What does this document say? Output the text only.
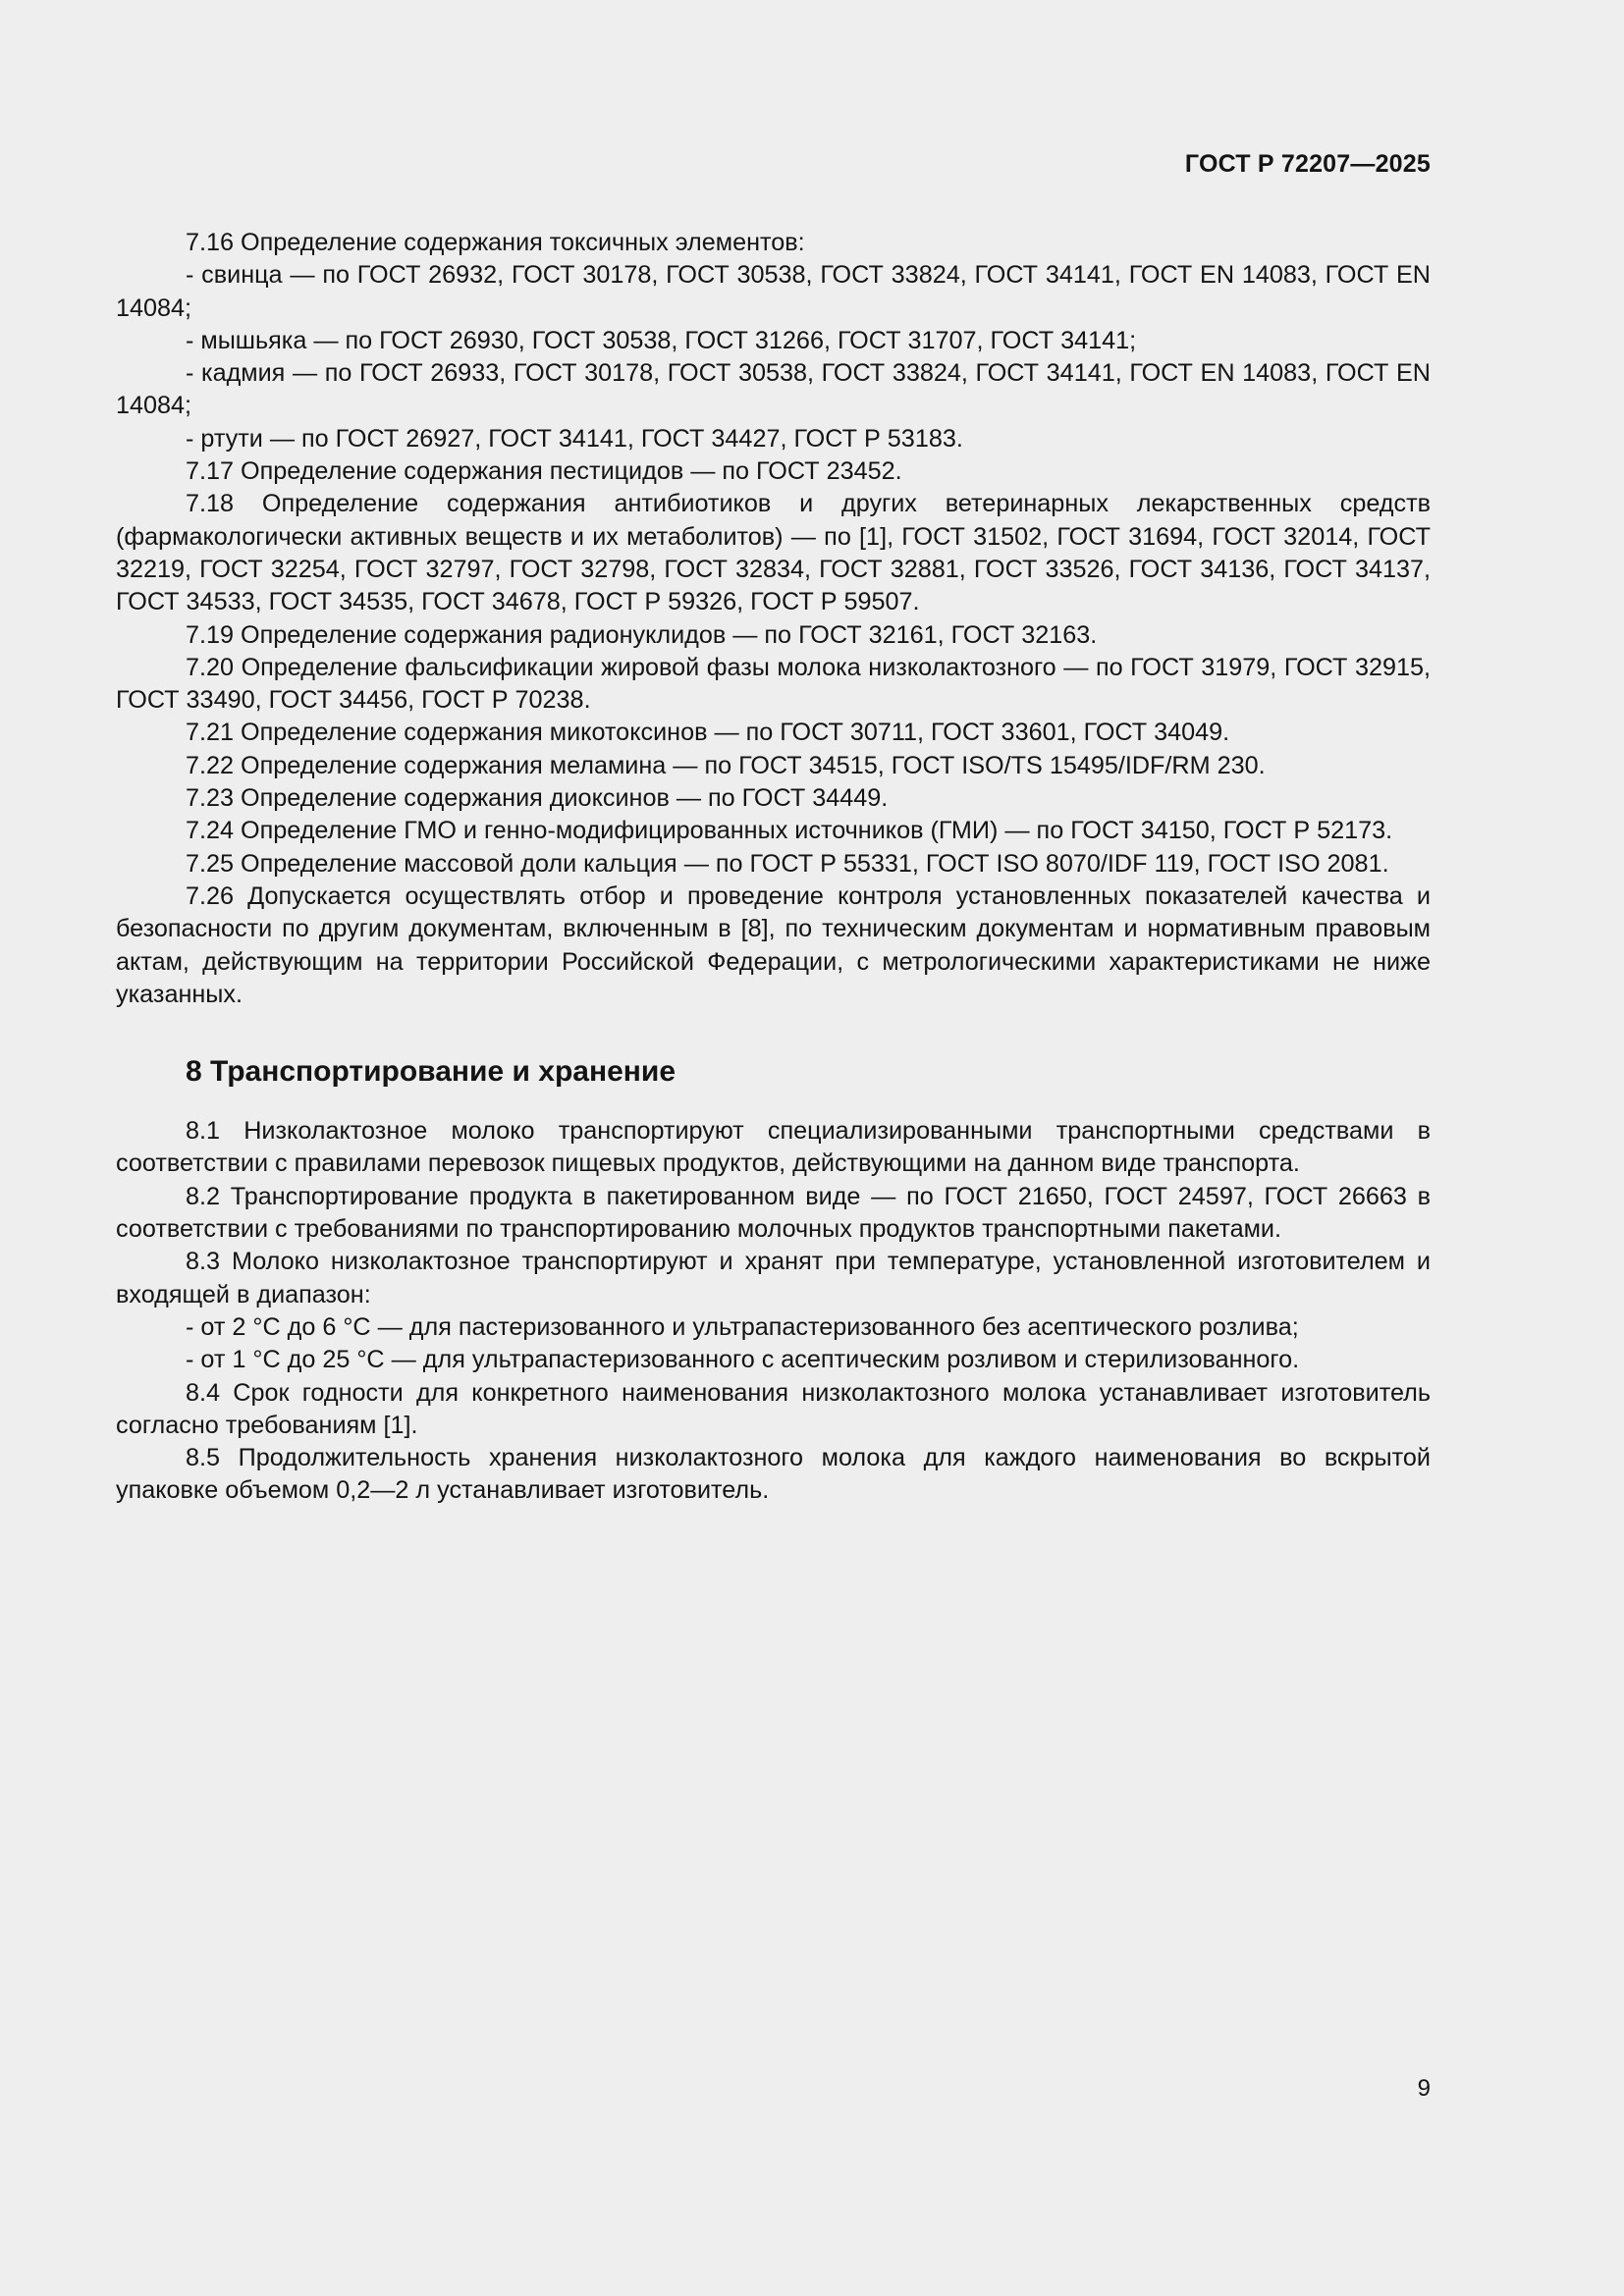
ГОСТ Р 72207—2025

7.16 Определение содержания токсичных элементов:

- свинца — по ГОСТ 26932, ГОСТ 30178, ГОСТ 30538, ГОСТ 33824, ГОСТ 34141, ГОСТ EN 14083, ГОСТ EN 14084;

- мышьяка — по ГОСТ 26930, ГОСТ 30538, ГОСТ 31266, ГОСТ 31707, ГОСТ 34141;

- кадмия — по ГОСТ 26933, ГОСТ 30178, ГОСТ 30538, ГОСТ 33824, ГОСТ 34141, ГОСТ EN 14083, ГОСТ EN 14084;

- ртути — по ГОСТ 26927, ГОСТ 34141, ГОСТ 34427, ГОСТ Р 53183.

7.17 Определение содержания пестицидов — по ГОСТ 23452.

7.18 Определение содержания антибиотиков и других ветеринарных лекарственных средств (фармакологически активных веществ и их метаболитов) — по [1], ГОСТ 31502, ГОСТ 31694, ГОСТ 32014, ГОСТ 32219, ГОСТ 32254, ГОСТ 32797, ГОСТ 32798, ГОСТ 32834, ГОСТ 32881, ГОСТ 33526, ГОСТ 34136, ГОСТ 34137, ГОСТ 34533, ГОСТ 34535, ГОСТ 34678, ГОСТ Р 59326, ГОСТ Р 59507.

7.19 Определение содержания радионуклидов — по ГОСТ 32161, ГОСТ 32163.

7.20 Определение фальсификации жировой фазы молока низколактозного — по ГОСТ 31979, ГОСТ 32915, ГОСТ 33490, ГОСТ 34456, ГОСТ Р 70238.

7.21 Определение содержания микотоксинов — по ГОСТ 30711, ГОСТ 33601, ГОСТ 34049.

7.22 Определение содержания меламина — по ГОСТ 34515, ГОСТ ISO/TS 15495/IDF/RM 230.

7.23 Определение содержания диоксинов — по ГОСТ 34449.

7.24 Определение ГМО и генно-модифицированных источников (ГМИ) — по ГОСТ 34150, ГОСТ Р 52173.

7.25 Определение массовой доли кальция — по ГОСТ Р 55331, ГОСТ ISO 8070/IDF 119, ГОСТ ISO 2081.

7.26 Допускается осуществлять отбор и проведение контроля установленных показателей качества и безопасности по другим документам, включенным в [8], по техническим документам и нормативным правовым актам, действующим на территории Российской Федерации, с метрологическими характеристиками не ниже указанных.

8 Транспортирование и хранение

8.1 Низколактозное молоко транспортируют специализированными транспортными средствами в соответствии с правилами перевозок пищевых продуктов, действующими на данном виде транспорта.

8.2 Транспортирование продукта в пакетированном виде — по ГОСТ 21650, ГОСТ 24597, ГОСТ 26663 в соответствии с требованиями по транспортированию молочных продуктов транспортными пакетами.

8.3 Молоко низколактозное транспортируют и хранят при температуре, установленной изготовителем и входящей в диапазон:

- от 2 °С до 6 °С — для пастеризованного и ультрапастеризованного без асептического розлива;

- от 1 °С до 25 °С — для ультрапастеризованного с асептическим розливом и стерилизованного.

8.4 Срок годности для конкретного наименования низколактозного молока устанавливает изготовитель согласно требованиям [1].

8.5 Продолжительность хранения низколактозного молока для каждого наименования во вскрытой упаковке объемом 0,2—2 л устанавливает изготовитель.

9
